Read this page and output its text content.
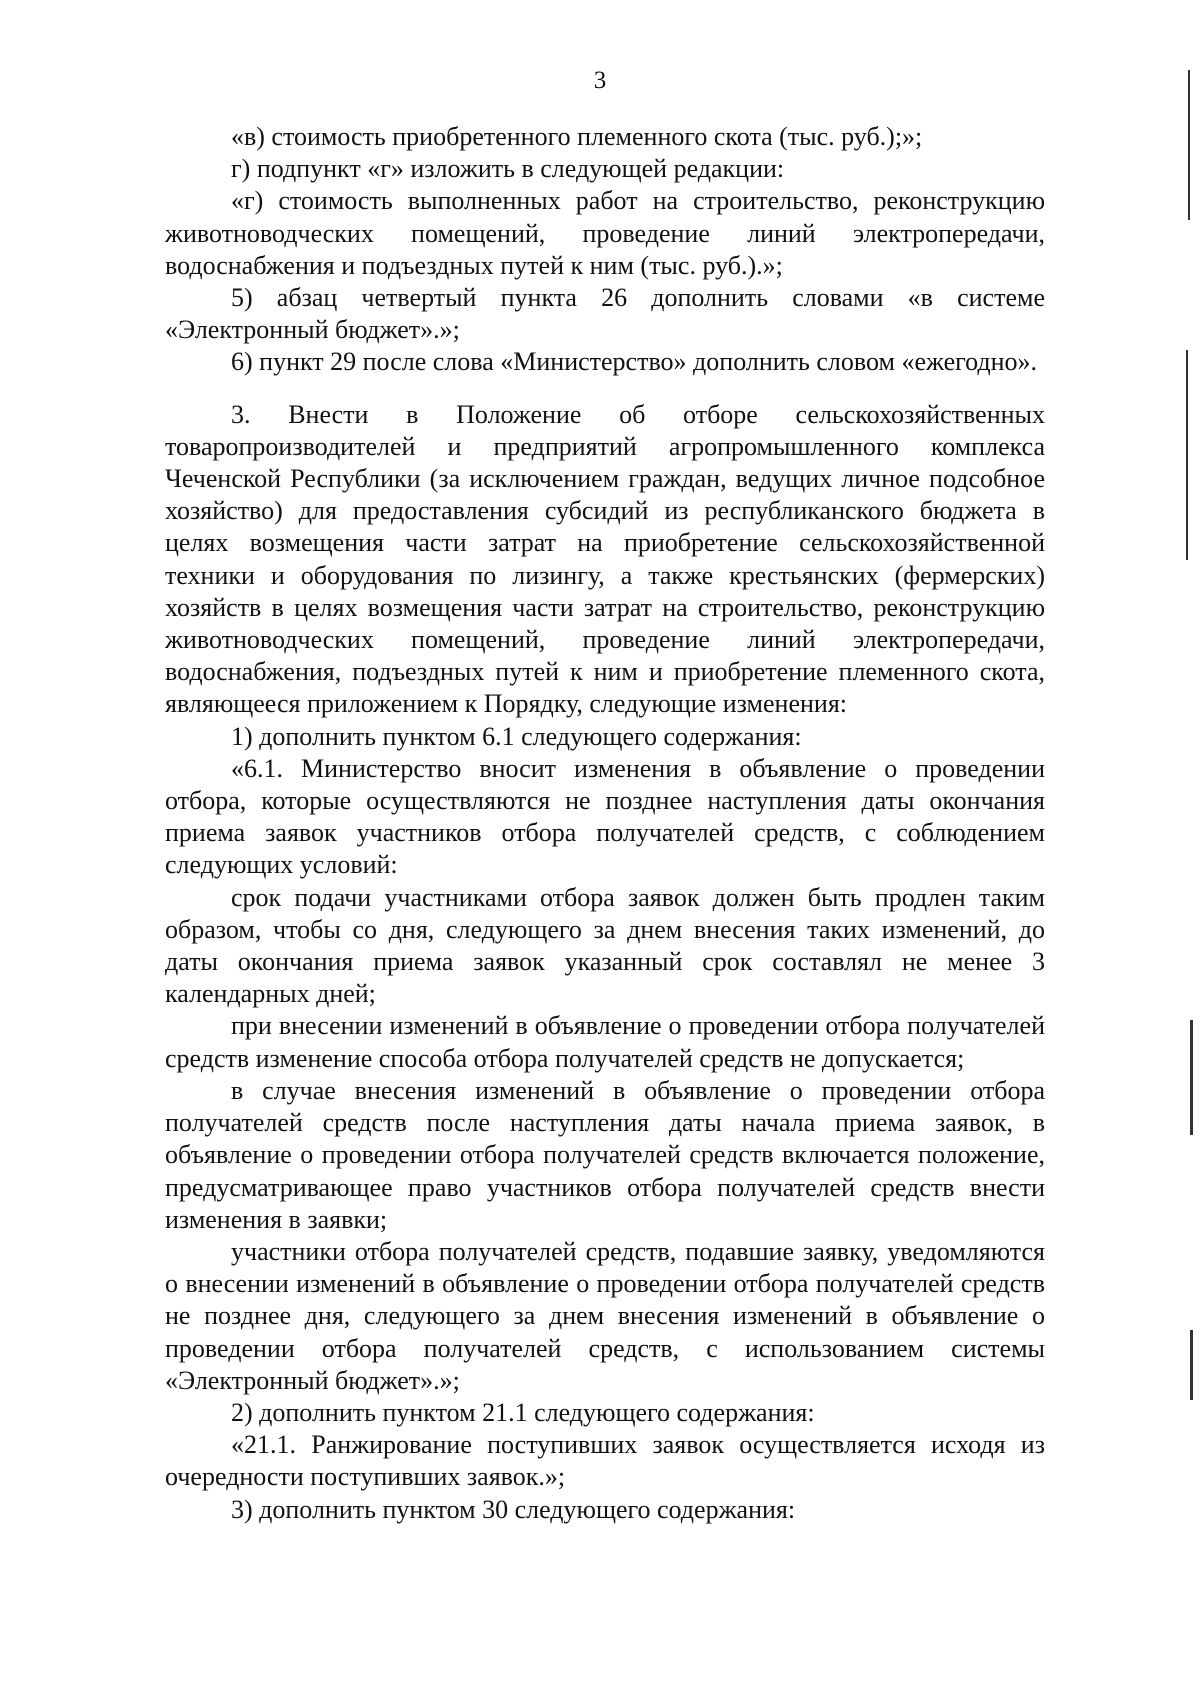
3

«в) стоимость приобретенного племенного скота (тыс. руб.);»;

г) подпункт «г» изложить в следующей редакции:

«г) стоимость выполненных работ на строительство, реконструкцию животноводческих помещений, проведение линий электропередачи, водоснабжения и подъездных путей к ним (тыс. руб.).»;

5) абзац четвертый пункта 26 дополнить словами «в системе «Электронный бюджет».»;

6) пункт 29 после слова «Министерство» дополнить словом «ежегодно».

3. Внести в Положение об отборе сельскохозяйственных товаропроизводителей и предприятий агропромышленного комплекса Чеченской Республики (за исключением граждан, ведущих личное подсобное хозяйство) для предоставления субсидий из республиканского бюджета в целях возмещения части затрат на приобретение сельскохозяйственной техники и оборудования по лизингу, а также крестьянских (фермерских) хозяйств в целях возмещения части затрат на строительство, реконструкцию животноводческих помещений, проведение линий электропередачи, водоснабжения, подъездных путей к ним и приобретение племенного скота, являющееся приложением к Порядку, следующие изменения:

1) дополнить пунктом 6.1 следующего содержания:

«6.1. Министерство вносит изменения в объявление о проведении отбора, которые осуществляются не позднее наступления даты окончания приема заявок участников отбора получателей средств, с соблюдением следующих условий:

срок подачи участниками отбора заявок должен быть продлен таким образом, чтобы со дня, следующего за днем внесения таких изменений, до даты окончания приема заявок указанный срок составлял не менее 3 календарных дней;

при внесении изменений в объявление о проведении отбора получателей средств изменение способа отбора получателей средств не допускается;

в случае внесения изменений в объявление о проведении отбора получателей средств после наступления даты начала приема заявок, в объявление о проведении отбора получателей средств включается положение, предусматривающее право участников отбора получателей средств внести изменения в заявки;

участники отбора получателей средств, подавшие заявку, уведомляются о внесении изменений в объявление о проведении отбора получателей средств не позднее дня, следующего за днем внесения изменений в объявление о проведении отбора получателей средств, с использованием системы «Электронный бюджет».»;

2) дополнить пунктом 21.1 следующего содержания:

«21.1. Ранжирование поступивших заявок осуществляется исходя из очередности поступивших заявок.»;

3) дополнить пунктом 30 следующего содержания:
